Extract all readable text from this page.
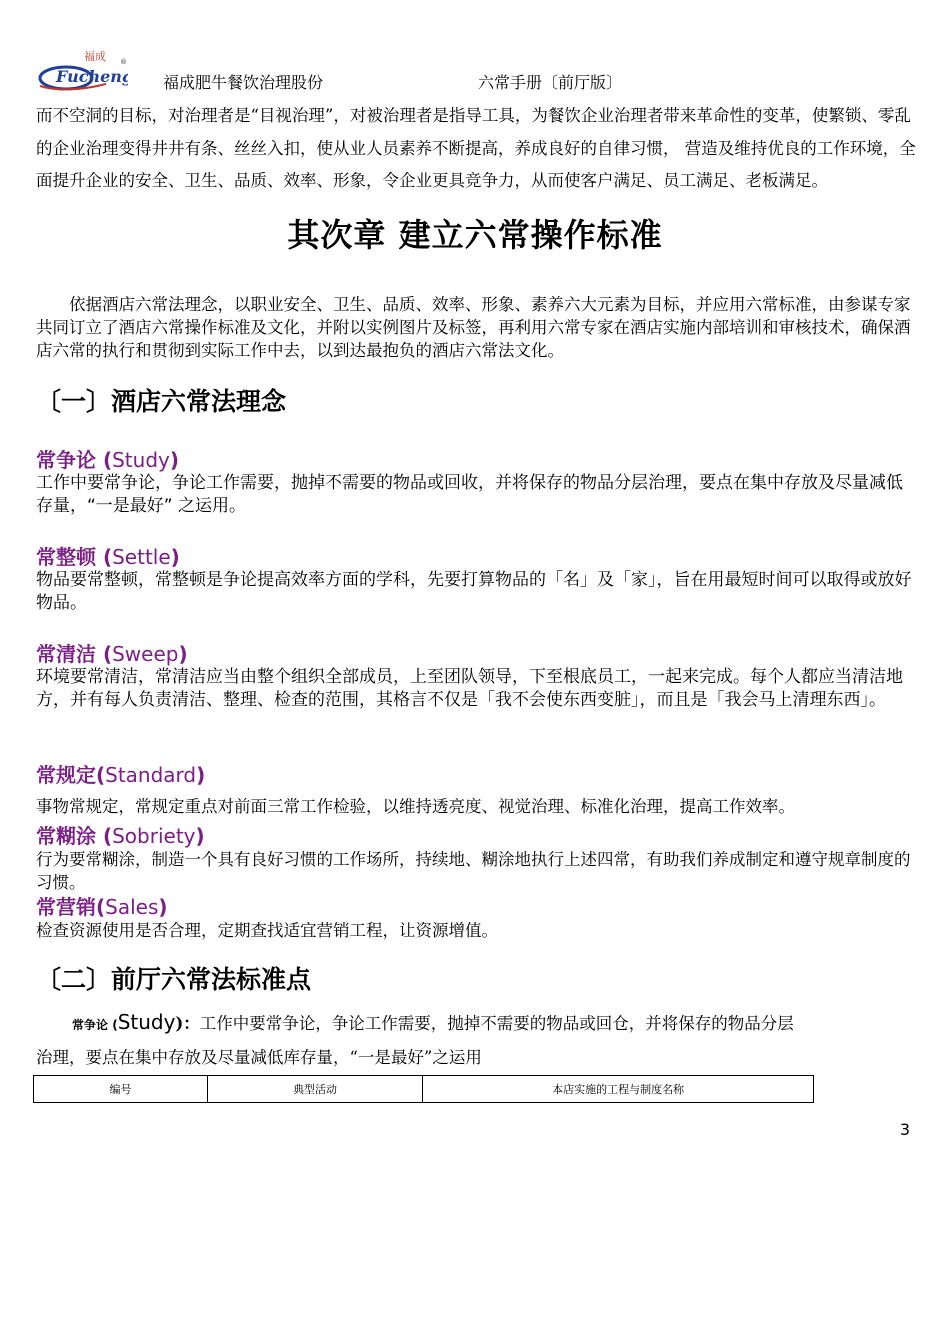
福成 ®
Fucheng 福成肥牛餐饮治理股份	六常手册〔前厅版〕
而不空洞的目标，对治理者是“目视治理”，对被治理者是指导工具，为餐饮企业治理者带来革命性的变革，使繁锁、零乱的企业治理变得井井有条、丝丝入扣，使从业人员素养不断提高，养成良好的自律习惯， 营造及维持优良的工作环境，全面提升企业的安全、卫生、品质、效率、形象，令企业更具竞争力，从而使客户满足、员工满足、老板满足。
其次章 建立六常操作标准
依据酒店六常法理念，以职业安全、卫生、品质、效率、形象、素养六大元素为目标，并应用六常标准，由参谋专家共同订立了酒店六常操作标准及文化，并附以实例图片及标签，再利用六常专家在酒店实施内部培训和审核技术，确保酒店六常的执行和贯彻到实际工作中去，以到达最抱负的酒店六常法文化。
〔一〕酒店六常法理念
常争论 (Study)
工作中要常争论，争论工作需要，抛掉不需要的物品或回收，并将保存的物品分层治理，要点在集中存放及尽量减低存量，“一是最好” 之运用。
常整顿 (Settle)
物品要常整顿，常整顿是争论提高效率方面的学科，先要打算物品的「名」及「家」，旨在用最短时间可以取得或放好物品。
常清洁 (Sweep)
环境要常清洁，常清洁应当由整个组织全部成员，上至团队领导，下至根底员工，一起来完成。每个人都应当清洁地方，并有每人负责清洁、整理、检查的范围，其格言不仅是「我不会使东西变脏」，而且是「我会马上清理东西」。
常规定(Standard)
事物常规定，常规定重点对前面三常工作检验，以维持透亮度、视觉治理、标准化治理，提高工作效率。
常糊涂 (Sobriety)
行为要常糊涂，制造一个具有良好习惯的工作场所，持续地、糊涂地执行上述四常，有助我们养成制定和遵守规章制度的习惯。
常营销(Sales)
检查资源使用是否合理，定期查找适宜营销工程，让资源增值。
〔二〕前厅六常法标准点
常争论 (Study)：工作中要常争论，争论工作需要，抛掉不需要的物品或回仓，并将保存的物品分层
治理，要点在集中存放及尽量减低库存量，“一是最好”之运用
编号	典型活动	本店实施的工程与制度名称
3
